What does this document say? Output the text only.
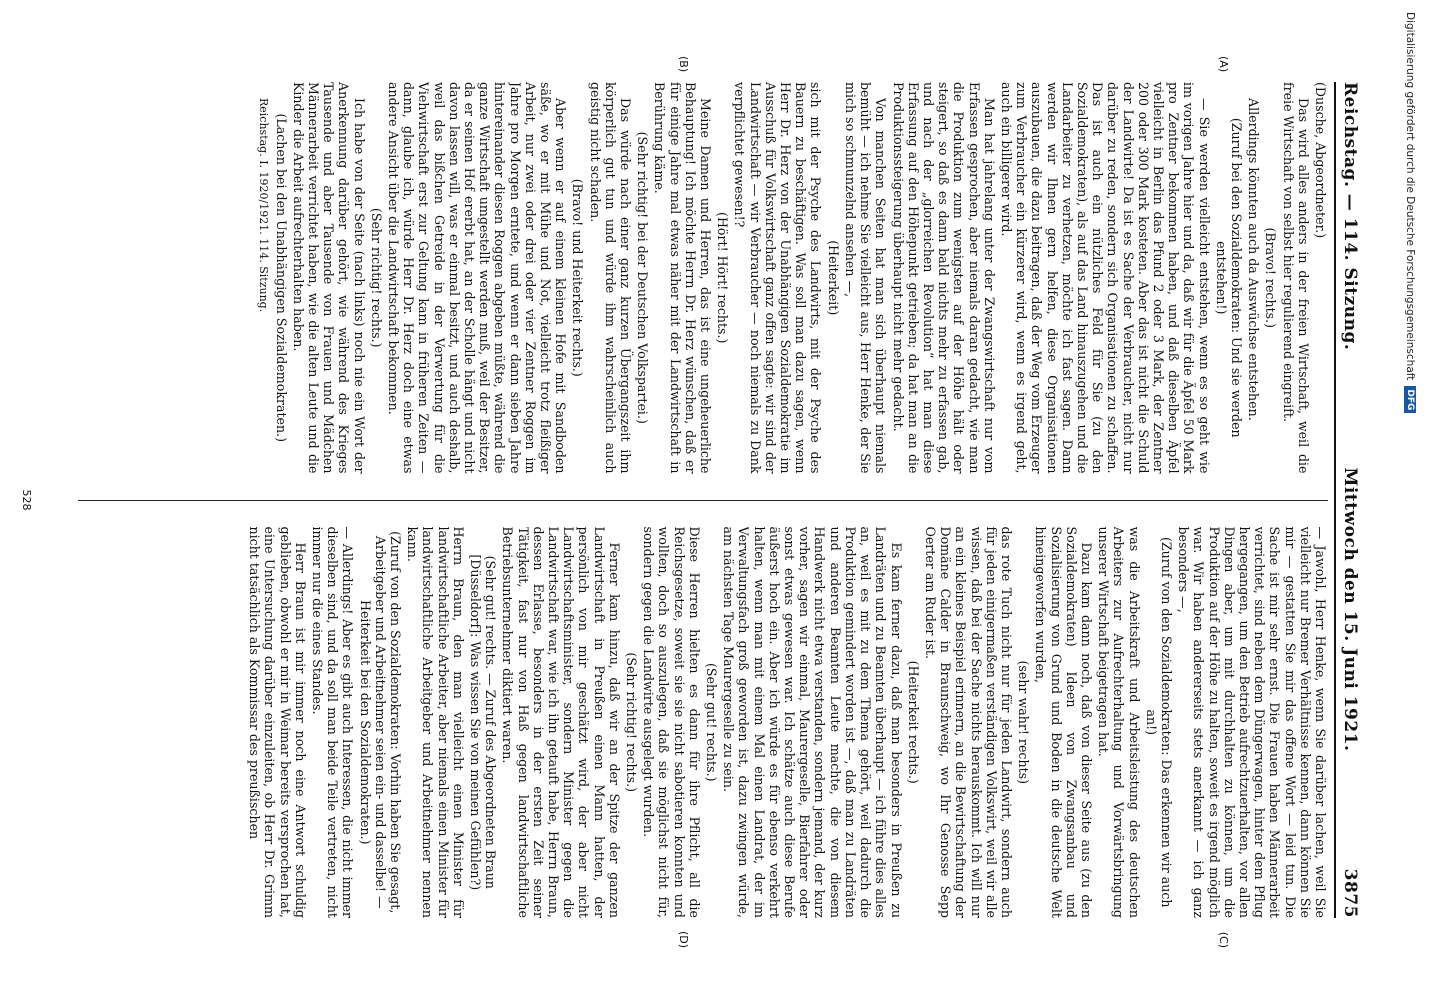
Reichstag. — 114. Sitzung.
Mittwoch den 15. Juni 1921.
3875

(Dusche, Abgeordneter.)

Das wird alles anders in der freien Wirtschaft, weil die freie Wirtschaft von selbst hier regulierend eingreift.

(Bravo! rechts.)

Allerdings könnten auch da Auswüchse entstehen.

(Zuruf bei den Sozialdemokraten: Und sie werden entstehen!)

— Sie werden vielleicht entstehen, wenn es so geht wie im vorigen Jahre hier und da, daß wir für die Äpfel 50 Mark pro Zentner bekommen haben, und daß dieselben Äpfel vielleicht in Berlin das Pfund 2 oder 3 Mark, der Zentner 200 oder 300 Mark kosteten. Aber das ist nicht die Schuld der Landwirte! Da ist es Sache der Verbraucher, nicht nur darüber zu reden, sondern sich Organisationen zu schaffen. Das ist auch ein nützliches Feld für Sie (zu den Sozialdemokraten), als auf das Land hinauszugehen und die Landarbeiter zu verhetzen, möchte ich fast sagen. Dann werden wir Ihnen gern helfen, diese Organisationen auszubauen, die dazu beitragen, daß der Weg vom Erzeuger zum Verbraucher ein kürzerer wird, wenn es irgend geht, auch ein billigerer wird.

Man hat jahrelang unter der Zwangswirtschaft nur vom Erfassen gesprochen, aber niemals daran gedacht, wie man die Produktion zum wenigsten auf der Höhe hält oder steigert, so daß es dann bald nichts mehr zu erfassen gab, und nach der „glorreichen Revolution“ hat man diese Erfassung auf den Höhepunkt getrieben; da hat man an die Produktionssteigerung überhaupt nicht mehr gedacht.

Von manchen Seiten hat man sich überhaupt niemals bemüht — ich nehme Sie vielleicht aus, Herr Henke, der Sie mich so schmunzelnd ansehen —,

(Heiterkeit)

sich mit der Psyche des Landwirts, mit der Psyche des Bauern zu beschäftigen. Was soll man dazu sagen, wenn Herr Dr. Herz von der Unabhängigen Sozialdemokratie im Ausschuß für Volkswirtschaft ganz offen sagte: wir sind der Landwirtschaft — wir Verbraucher — noch niemals zu Dank verpflichtet gewesen!?

(Hört! Hört! rechts.)

Meine Damen und Herren, das ist eine ungeheuerliche Behauptung! Ich möchte Herrn Dr. Herz wünschen, daß er für einige Jahre mal etwas näher mit der Landwirtschaft in Berührung käme.

(Sehr richtig! bei der Deutschen Volkspartei.)

Das würde nach einer ganz kurzen Übergangszeit ihm körperlich gut tun und würde ihm wahrscheinlich auch geistig nicht schaden.

(Bravo! und Heiterkeit rechts.)

Aber wenn er auf einem kleinen Hofe mit Sandboden säße, wo er mit Mühe und Not, vielleicht trotz fleißiger Arbeit, nur zwei oder drei oder vier Zentner Roggen im Jahre pro Morgen erntete, und wenn er dann sieben Jahre hintereinander diesen Roggen abgeben müßte, während die ganze Wirtschaft umgestellt werden muß, weil der Besitzer, da er seinen Hof ererbt hat, an der Scholle hängt und nicht davon lassen will, was er einmal besitzt, und auch deshalb, weil das bißchen Getreide in der Verwertung für die Viehwirtschaft erst zur Geltung kam in früheren Zeiten — dann, glaube ich, würde Herr Dr. Herz doch eine etwas andere Ansicht über die Landwirtschaft bekommen.

(Sehr richtig! rechts.)

Ich habe von der Seite (nach links) noch nie ein Wort der Anerkennung darüber gehört, wie während des Krieges Tausende und aber Tausende von Frauen und Mädchen Männerarbeit verrichtet haben, wie die alten Leute und die Kinder die Arbeit aufrechterhalten haben.

(Lachen bei den Unabhängigen Sozialdemokraten.)

Reichstag. I. 1920/1921. 114. Sitzung.

— Jawohl, Herr Henke, wenn Sie darüber lachen, weil Sie vielleicht nur Bremer Verhältnisse kennen, dann können Sie mir — gestatten Sie mir das offene Wort — leid tun. Die Sache ist mir sehr ernst. Die Frauen haben Männerarbeit verrichtet, sind neben dem Düngerwagen, hinter dem Pflug hergegangen, um den Betrieb aufrechtzuerhalten, vor allen Dingen aber, um mit durchhalten zu können, um die Produktion auf der Höhe zu halten, soweit es irgend möglich war. Wir haben andererseits stets anerkannt — ich ganz besonders —,

(Zuruf von den Sozialdemokraten: Das erkennen wir auch an!)

was die Arbeitskraft und Arbeitsleistung des deutschen Arbeiters zur Aufrechterhaltung und Vorwärtsbringung unserer Wirtschaft beigetragen hat.

Dazu kam dann noch, daß von dieser Seite aus (zu den Sozialdemokraten) Ideen von Zwangsanbau und Sozialisierung von Grund und Boden in die deutsche Welt hineingeworfen wurden,

(sehr wahr! rechts)

das rote Tuch nicht nur für jeden Landwirt, sondern auch für jeden einigermaßen verständigen Volkswirt, weil wir alle wissen, daß bei der Sache nichts herauskommt. Ich will nur an ein kleines Beispiel erinnern, an die Bewirtschaftung der Domäne Calder in Braunschweig, wo Ihr Genosse Sepp Oerter am Ruder ist.

(Heiterkeit rechts.)

Es kam ferner dazu, daß man besonders in Preußen zu Landräten und zu Beamten überhaupt — ich führe dies alles an, weil es mit zu dem Thema gehört, weil dadurch die Produktion gemindert worden ist —, daß man zu Landräten und anderen Beamten Leute machte, die von diesem Handwerk nicht etwa verstanden, sondern jemand, der kurz vorher, sagen wir einmal, Maurergeselle, Bierfahrer oder sonst etwas gewesen war. Ich schätze auch diese Berufe äußerst hoch ein. Aber ich würde es für ebenso verkehrt halten, wenn man mit einem Mal einen Landrat, der im Verwaltungsfach groß geworden ist, dazu zwingen würde, am nächsten Tage Maurergeselle zu sein.

(Sehr gut! rechts.)

Diese Herren hielten es dann für ihre Pflicht, all die Reichsgesetze, soweit sie sie nicht sabotieren konnten und wollten, doch so auszulegen, daß sie möglichst nicht für, sondern gegen die Landwirte ausgelegt wurden.

(Sehr richtig! rechts.)

Ferner kam hinzu, daß wir an der Spitze der ganzen Landwirtschaft in Preußen einen Mann hatten, der persönlich von mir geschätzt wird, der aber nicht Landwirtschaftsminister, sondern Minister gegen die Landwirtschaft war, wie ich ihn getauft habe, Herrn Braun, dessen Erlasse, besonders in der ersten Zeit seiner Tätigkeit, fast nur von Haß gegen landwirtschaftliche Betriebsunternehmer diktiert waren.

(Sehr gut! rechts. — Zuruf des Abgeordneten Braun [Düsseldorf]: Was wissen Sie von meinen Gefühlen?)

Herrn Braun, den man vielleicht einen Minister für landwirtschaftliche Arbeiter, aber niemals einen Minister für landwirtschaftliche Arbeitgeber und Arbeitnehmer nennen kann.

(Zuruf von den Sozialdemokraten: Vorhin haben Sie gesagt, Arbeitgeber und Arbeitnehmer seien ein- und dasselbe! — Heiterkeit bei den Sozialdemokraten.)

— Allerdings! Aber es gibt auch Interessen, die nicht immer dieselben sind, und da soll man beide Teile vertreten, nicht immer nur die eines Standes.

Herr Braun ist mir immer noch eine Antwort schuldig geblieben, obwohl er mir in Weimar bereits versprochen hat, eine Untersuchung darüber einzuleiten, ob Herr Dr. Grimm nicht tatsächlich als Kommissar des preußischen

(A)
(B)
(C)
(D)
528
Digitalisierung gefördert durch die Deutsche Forschungsgemeinschaft
DFG
